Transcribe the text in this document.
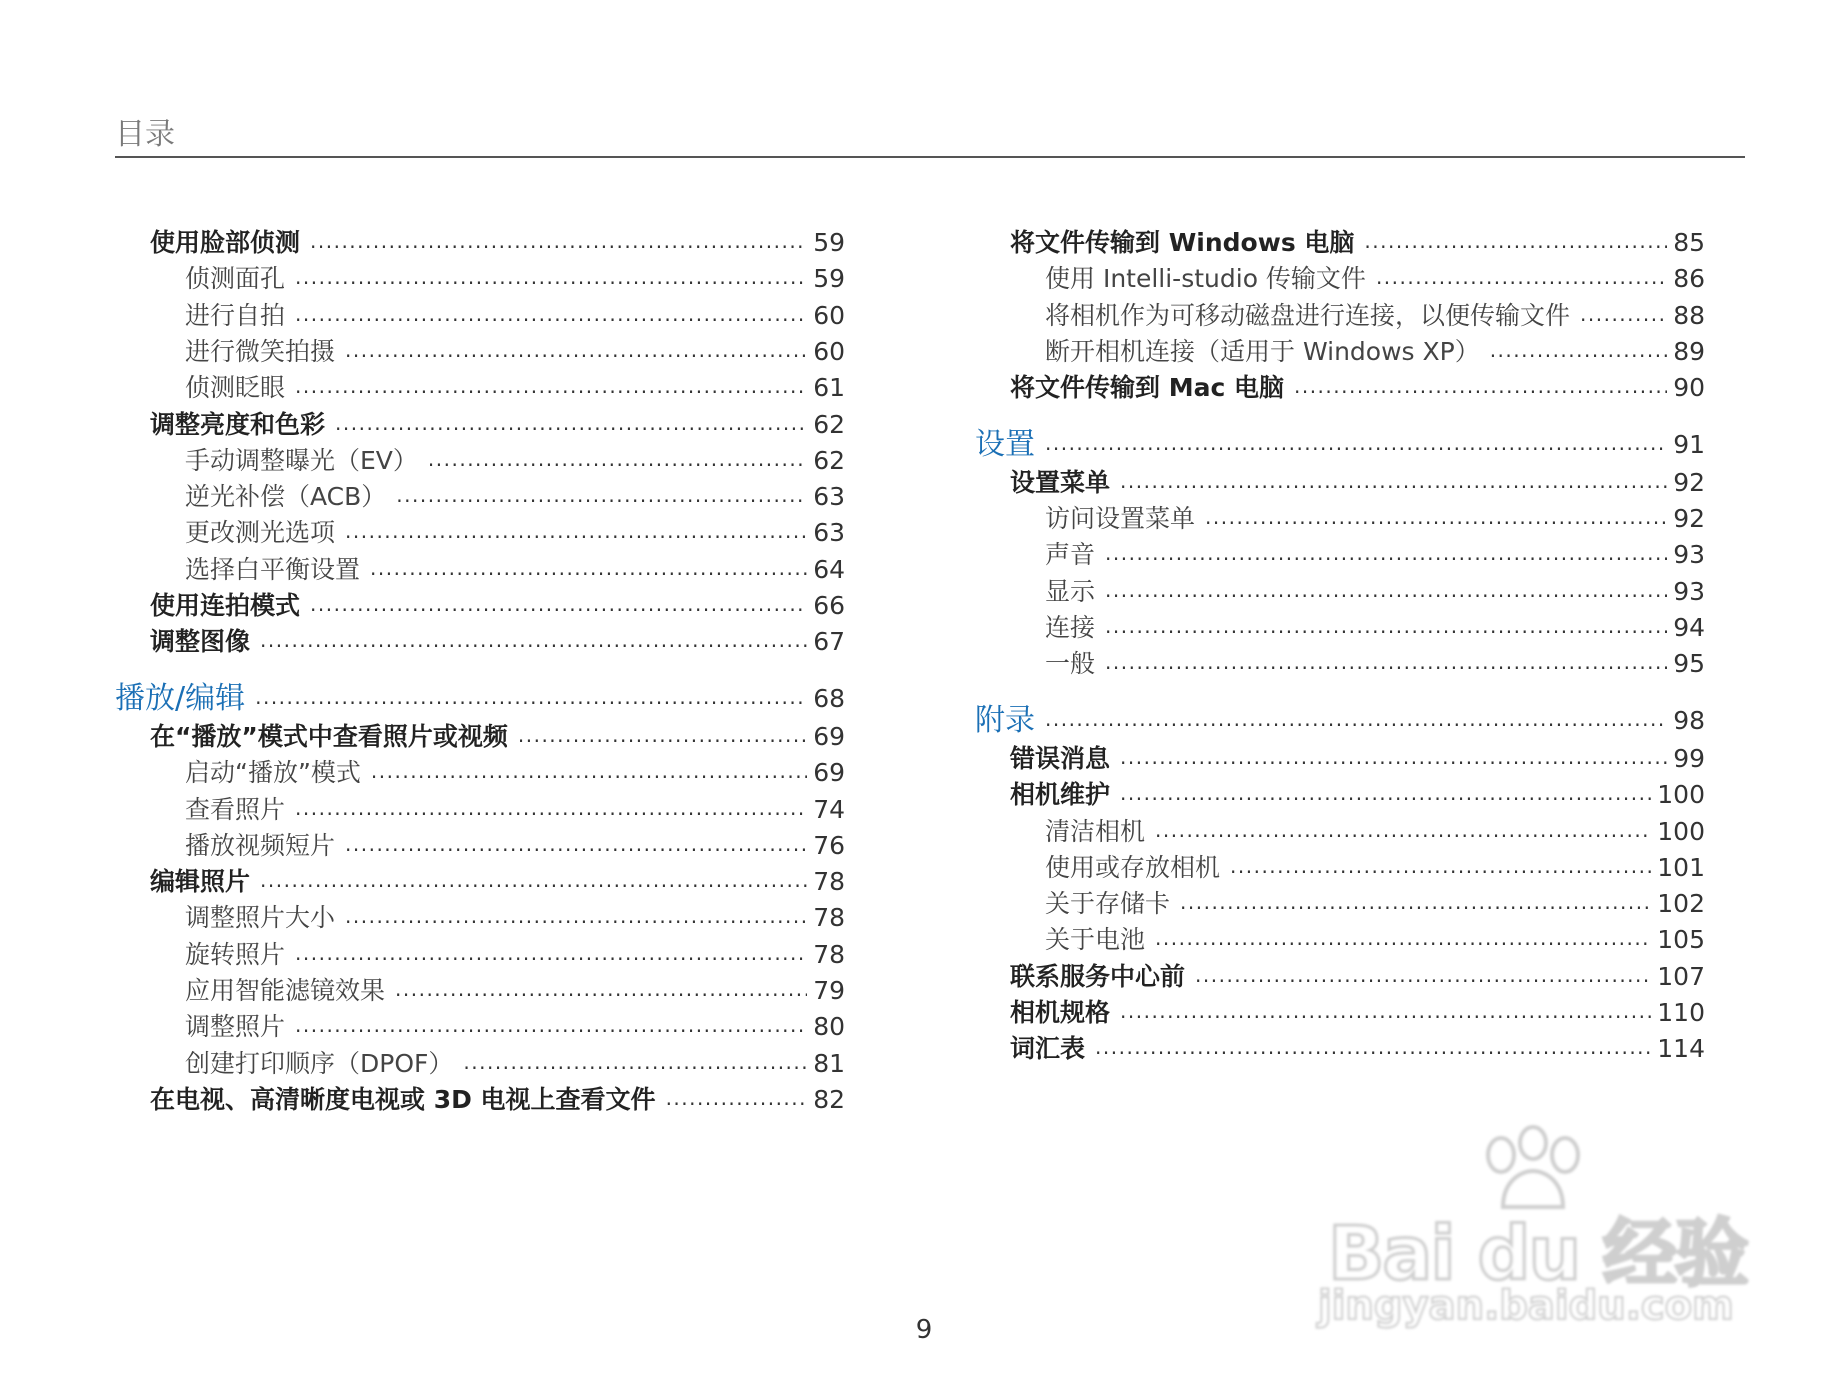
目录
使用脸部侦测 .....	59
侦测面孔 .....	59
进行自拍 .....	60
进行微笑拍摄 .....	60
侦测眨眼 .....	61
调整亮度和色彩 .....	62
手动调整曝光（EV） .....	62
逆光补偿（ACB） .....	63
更改测光选项 .....	63
选择白平衡设置 .....	64
使用连拍模式 .....	66
调整图像 .....	67
播放/编辑 .....	68
在“播放”模式中查看照片或视频 .....	69
启动“播放”模式 .....	69
查看照片 .....	74
播放视频短片 .....	76
编辑照片 .....	78
调整照片大小 .....	78
旋转照片 .....	78
应用智能滤镜效果 .....	79
调整照片 .....	80
创建打印顺序（DPOF） .....	81
在电视、高清晰度电视或 3D 电视上查看文件 .....	82
将文件传输到 Windows 电脑 .....	85
使用 Intelli-studio 传输文件 .....	86
将相机作为可移动磁盘进行连接，以便传输文件 .....	88
断开相机连接（适用于 Windows XP） .....	89
将文件传输到 Mac 电脑 .....	90
设置 .....	91
设置菜单 .....	92
访问设置菜单 .....	92
声音 .....	93
显示 .....	93
连接 .....	94
一般 .....	95
附录 .....	98
错误消息 .....	99
相机维护 .....	100
清洁相机 .....	100
使用或存放相机 .....	101
关于存储卡 .....	102
关于电池 .....	105
联系服务中心前 .....	107
相机规格 .....	110
词汇表 .....	114
9
Bai du 经验
jingyan.baidu.com
